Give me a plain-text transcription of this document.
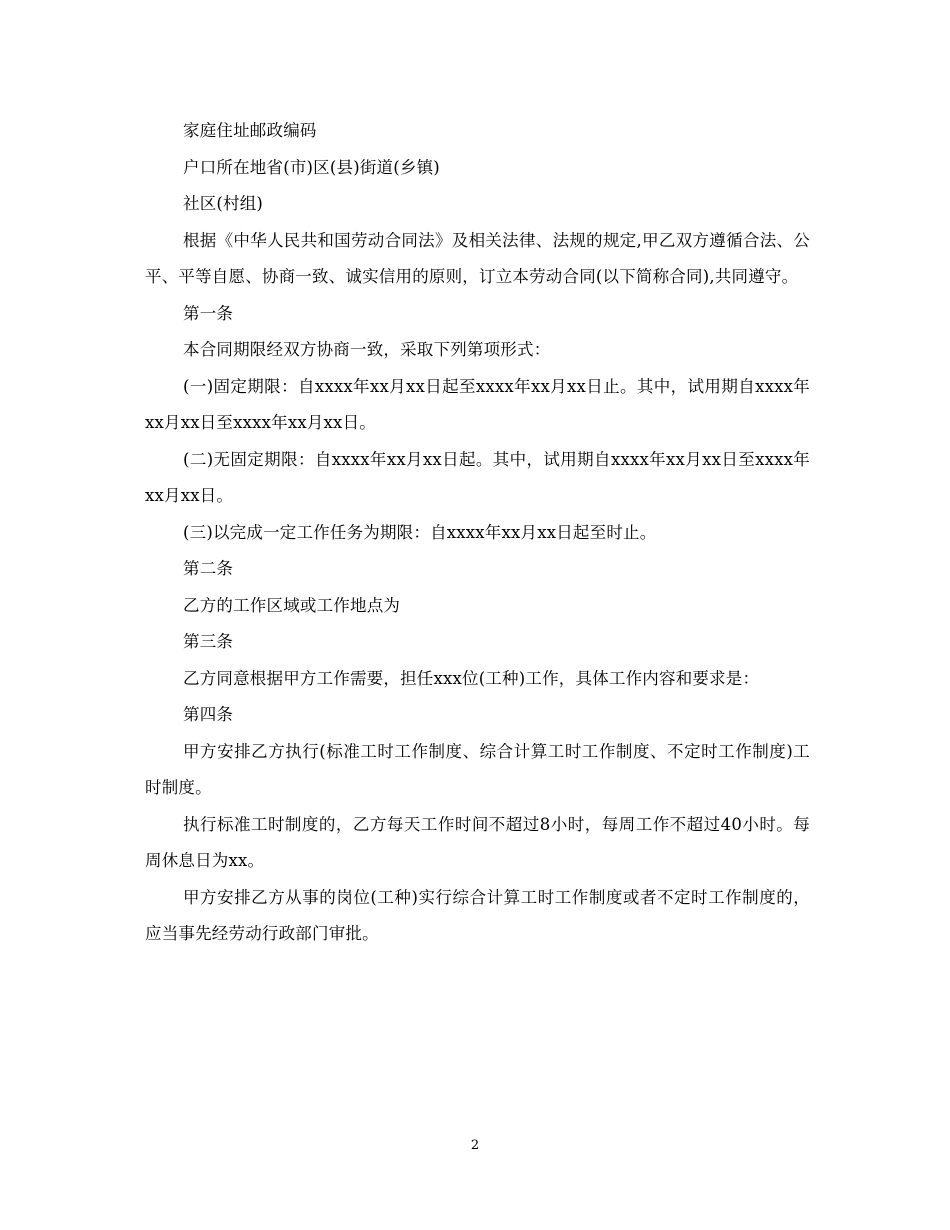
家庭住址邮政编码

户口所在地省(市)区(县)街道(乡镇)

社区(村组)

根据《中华人民共和国劳动合同法》及相关法律、法规的规定,甲乙双方遵循合法、公平、平等自愿、协商一致、诚实信用的原则，订立本劳动合同(以下简称合同),共同遵守。

第一条

本合同期限经双方协商一致，采取下列第项形式：

(一)固定期限：自xxxx年xx月xx日起至xxxx年xx月xx日止。其中，试用期自xxxx年xx月xx日至xxxx年xx月xx日。

(二)无固定期限：自xxxx年xx月xx日起。其中，试用期自xxxx年xx月xx日至xxxx年xx月xx日。

(三)以完成一定工作任务为期限：自xxxx年xx月xx日起至时止。

第二条

乙方的工作区域或工作地点为

第三条

乙方同意根据甲方工作需要，担任xxx位(工种)工作，具体工作内容和要求是：

第四条

甲方安排乙方执行(标准工时工作制度、综合计算工时工作制度、不定时工作制度)工时制度。

执行标准工时制度的，乙方每天工作时间不超过8小时，每周工作不超过40小时。每周休息日为xx。

甲方安排乙方从事的岗位(工种)实行综合计算工时工作制度或者不定时工作制度的，应当事先经劳动行政部门审批。

2
